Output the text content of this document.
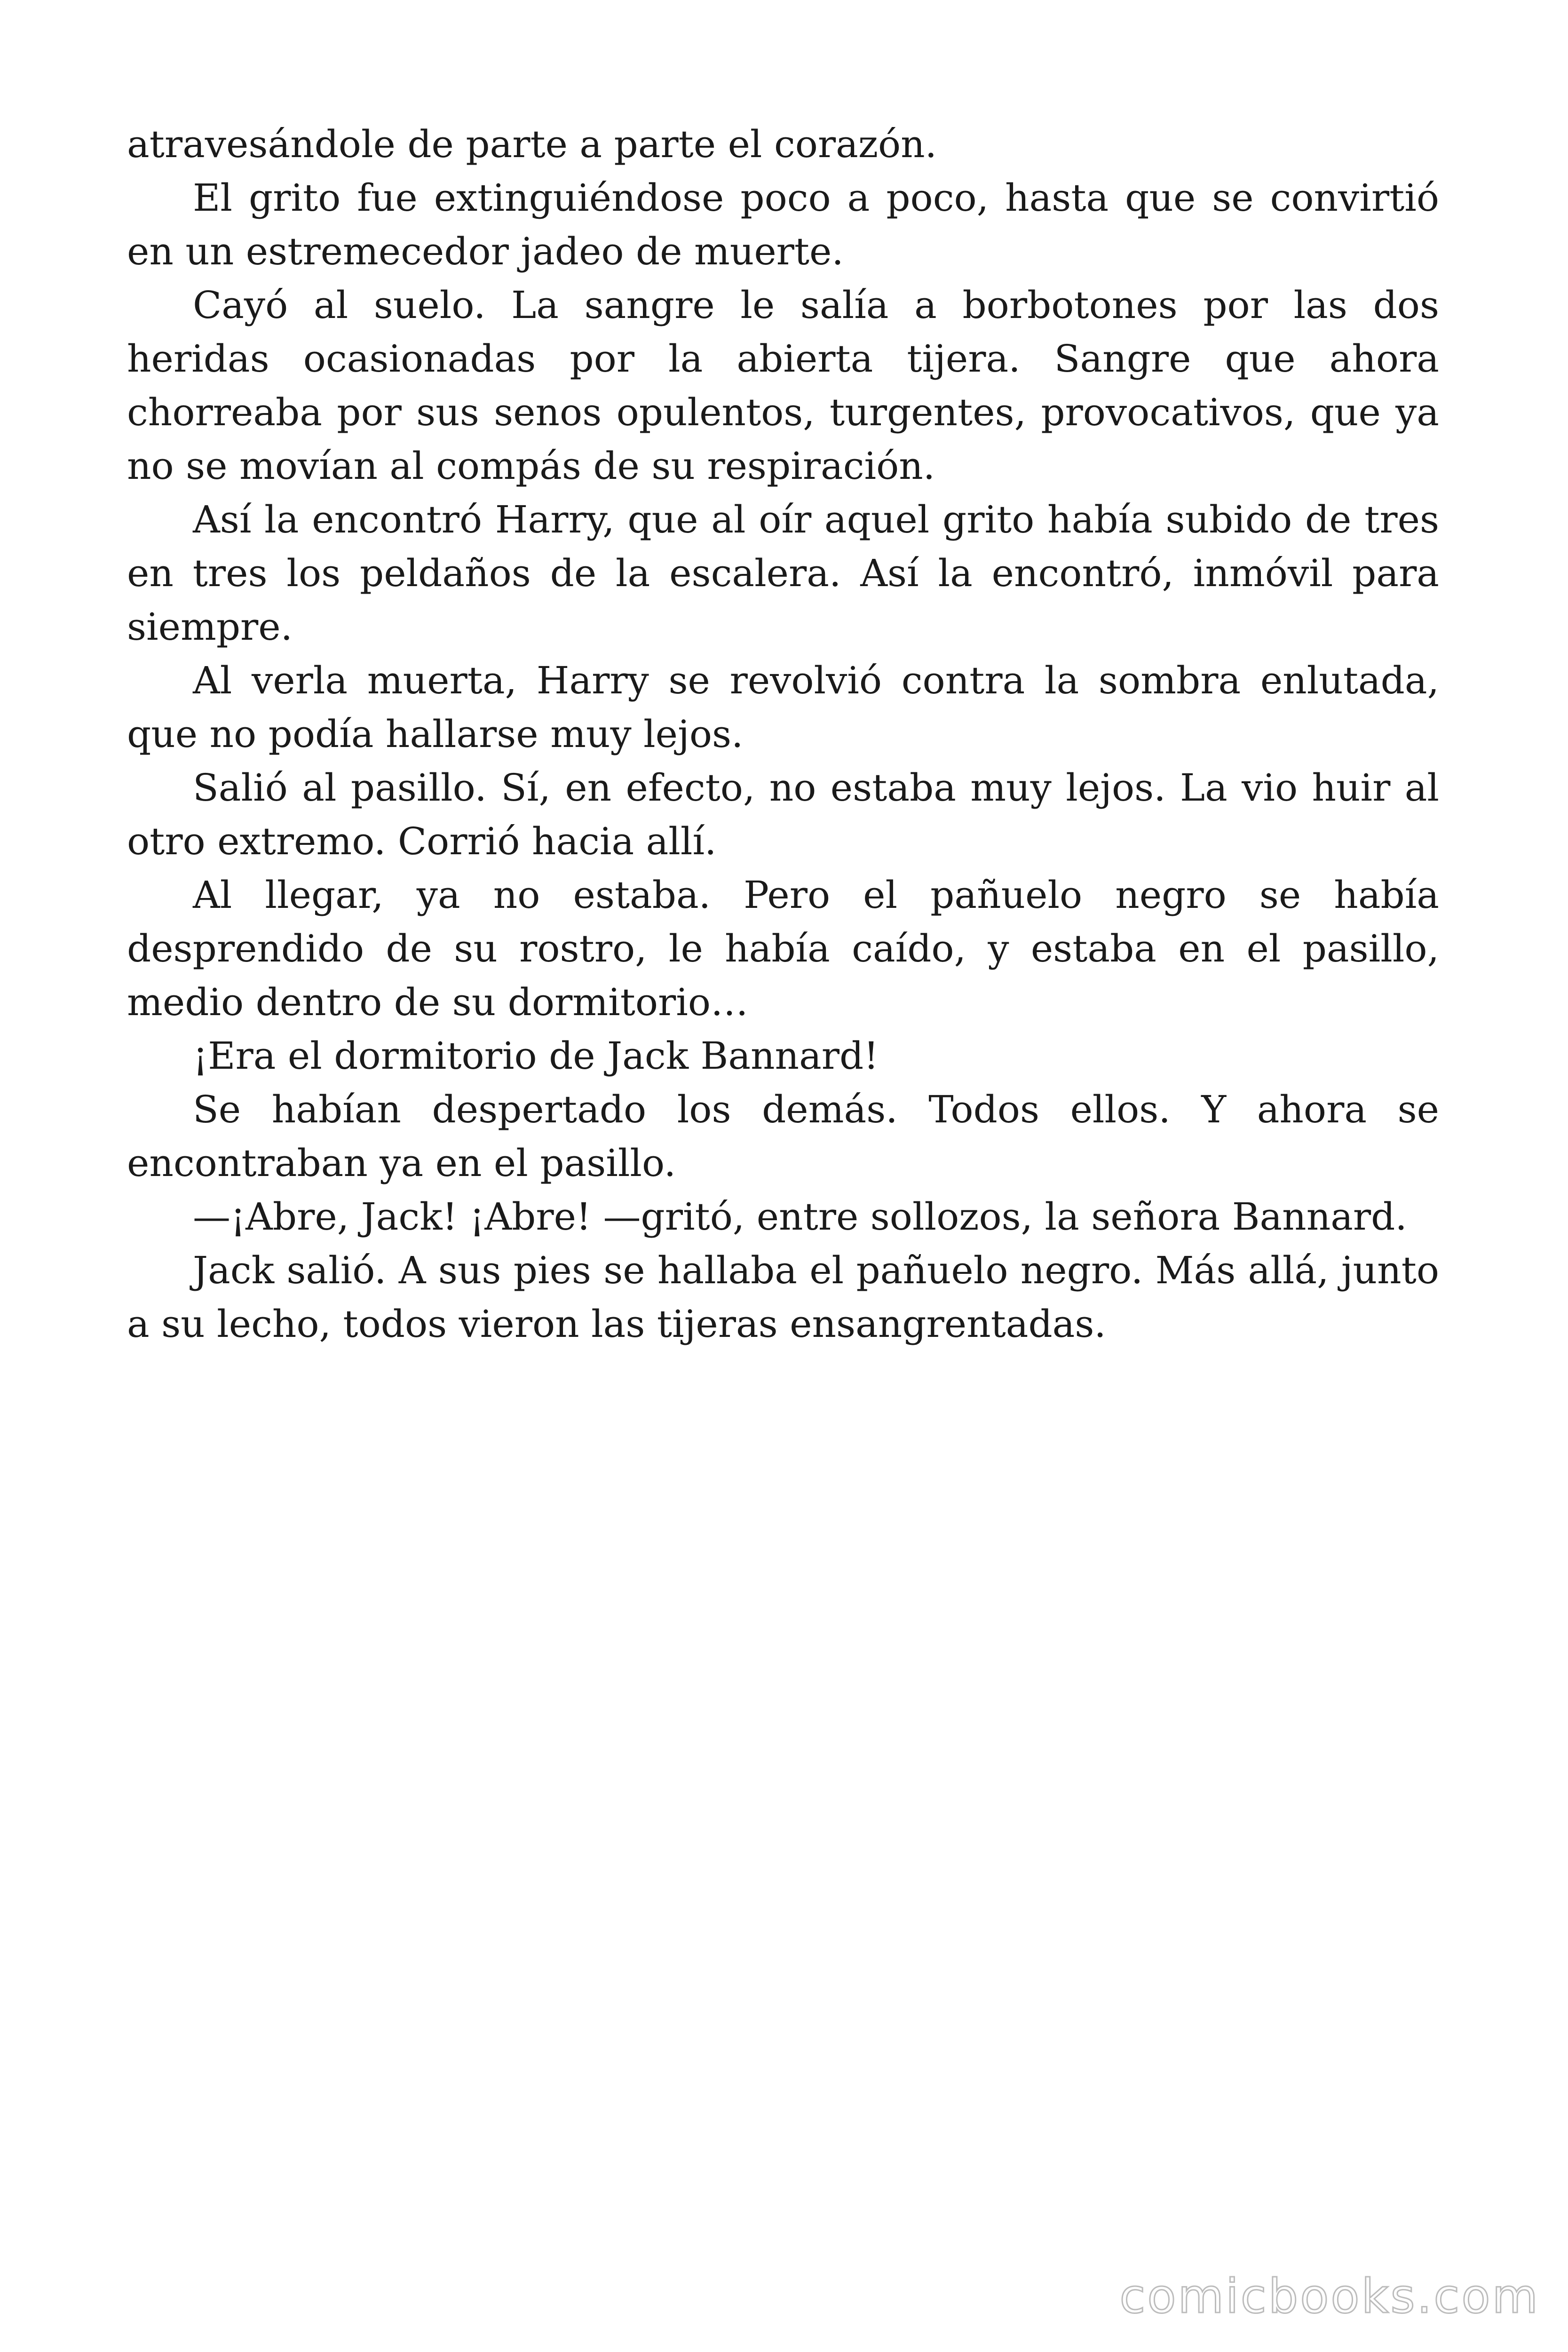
atravesándole de parte a parte el corazón.

El grito fue extinguiéndose poco a poco, hasta que se convirtió en un estremecedor jadeo de muerte.

Cayó al suelo. La sangre le salía a borbotones por las dos heridas ocasionadas por la abierta tijera. Sangre que ahora chorreaba por sus senos opulentos, turgentes, provocativos, que ya no se movían al compás de su respiración.

Así la encontró Harry, que al oír aquel grito había subido de tres en tres los peldaños de la escalera. Así la encontró, inmóvil para siempre.

Al verla muerta, Harry se revolvió contra la sombra enlutada, que no podía hallarse muy lejos.

Salió al pasillo. Sí, en efecto, no estaba muy lejos. La vio huir al otro extremo. Corrió hacia allí.

Al llegar, ya no estaba. Pero el pañuelo negro se había desprendido de su rostro, le había caído, y estaba en el pasillo, medio dentro de su dormitorio…

¡Era el dormitorio de Jack Bannard!

Se habían despertado los demás. Todos ellos. Y ahora se encontraban ya en el pasillo.

—¡Abre, Jack! ¡Abre! —gritó, entre sollozos, la señora Bannard.

Jack salió. A sus pies se hallaba el pañuelo negro. Más allá, junto a su lecho, todos vieron las tijeras ensangrentadas.

comicbooks.com
